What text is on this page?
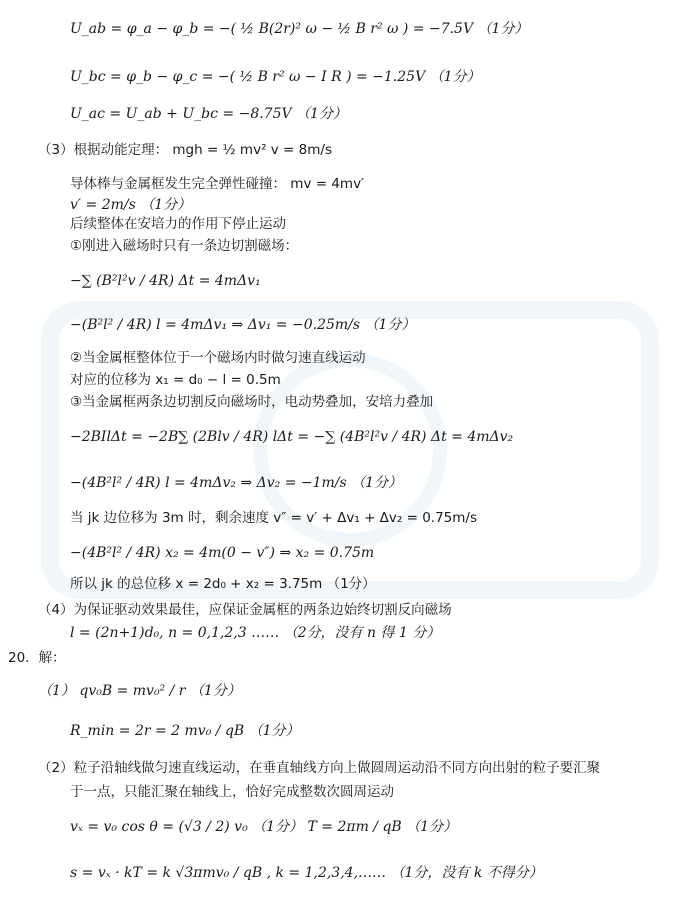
U_ab = φ_a − φ_b = −( ½ B(2r)² ω − ½ B r² ω ) = −7.5V （1分）
U_bc = φ_b − φ_c = −( ½ B r² ω − I R ) = −1.25V （1分）
U_ac = U_ab + U_bc = −8.75V （1分）
（3）根据动能定理： mgh = ½ mv² v = 8m/s
导体棒与金属框发生完全弹性碰撞： mv = 4mv′
v′ = 2m/s （1分）
后续整体在安培力的作用下停止运动
①刚进入磁场时只有一条边切割磁场：
−∑ (B²l²v / 4R) Δt = 4mΔv₁
−(B²l² / 4R) l = 4mΔv₁ ⇒ Δv₁ = −0.25m/s （1分）
②当金属框整体位于一个磁场内时做匀速直线运动
对应的位移为 x₁ = d₀ − l = 0.5m
③当金属框两条边切割反向磁场时，电动势叠加，安培力叠加
−2BIlΔt = −2B∑ (2Blv / 4R) lΔt = −∑ (4B²l²v / 4R) Δt = 4mΔv₂
−(4B²l² / 4R) l = 4mΔv₂ ⇒ Δv₂ = −1m/s （1分）
当 jk 边位移为 3m 时，剩余速度 v″ = v′ + Δv₁ + Δv₂ = 0.75m/s
−(4B²l² / 4R) x₂ = 4m(0 − v″) ⇒ x₂ = 0.75m
所以 jk 的总位移 x = 2d₀ + x₂ = 3.75m （1分）
（4）为保证驱动效果最佳，应保证金属框的两条边始终切割反向磁场
l = (2n+1)d₀, n = 0,1,2,3 …… （2分，没有 n 得 1 分）
20．解：
（1） qv₀B = mv₀² / r （1分）
R_min = 2r = 2 mv₀ / qB （1分）
（2）粒子沿轴线做匀速直线运动，在垂直轴线方向上做圆周运动沿不同方向出射的粒子要汇聚
于一点，只能汇聚在轴线上，恰好完成整数次圆周运动
vₓ = v₀ cos θ = (√3 / 2) v₀ （1分） T = 2πm / qB （1分）
s = vₓ · kT = k √3πmv₀ / qB , k = 1,2,3,4,…… （1分，没有 k 不得分）
